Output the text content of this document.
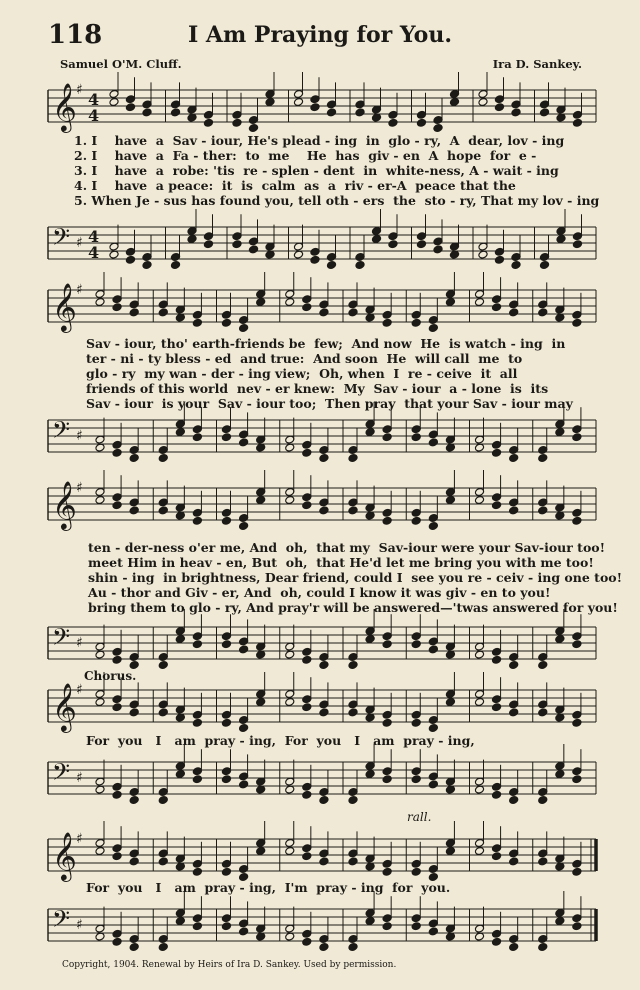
118	I Am Praying for You.
Samuel O'M. Cluff.	Ira D. Sankey.
𝄞 ♯ 4
4

1. I    have  a  Sav - iour, He's plead - ing  in  glo - ry,  A  dear, lov - ing

2. I    have  a  Fa - ther:  to  me    He  has  giv - en  A  hope  for  e -

3. I    have  a  robe: 'tis  re - splen - dent  in  white-ness, A - wait - ing

4. I    have  a peace:  it  is  calm  as  a  riv - er-A  peace that the

5. When Je - sus has found you, tell oth - ers  the  sto - ry, That my lov - ing

𝄢 ♯ 4
4
𝄞 ♯

Sav - iour, tho' earth-friends be  few;  And now  He  is watch - ing  in

ter - ni - ty bless - ed  and true:  And soon  He  will call  me  to

glo - ry  my wan - der - ing view;  Oh, when  I  re - ceive  it  all

friends of this world  nev - er knew:  My  Sav - iour  a - lone  is  its

Sav - iour  is your  Sav - iour too;  Then pray  that your Sav - iour may

𝄢 ♯
𝄞 ♯

ten - der-ness o'er me, And  oh,  that my  Sav-iour were your Sav-iour too!

meet Him in heav - en, But  oh,  that He'd let me bring you with me too!

shin - ing  in brightness, Dear friend, could I  see you re - ceiv - ing one too!

Au - thor and Giv - er, And  oh, could I know it was giv - en to you!

bring them to glo - ry, And pray'r will be answered—'twas answered for you!

𝄢 ♯
Chorus.
𝄞 ♯

For  you   I   am  pray - ing,  For  you   I   am  pray - ing,

𝄢 ♯
rall.
𝄞 ♯

For  you   I   am  pray - ing,  I'm  pray - ing  for  you.

𝄢 ♯
Copyright, 1904. Renewal by Heirs of Ira D. Sankey. Used by permission.
